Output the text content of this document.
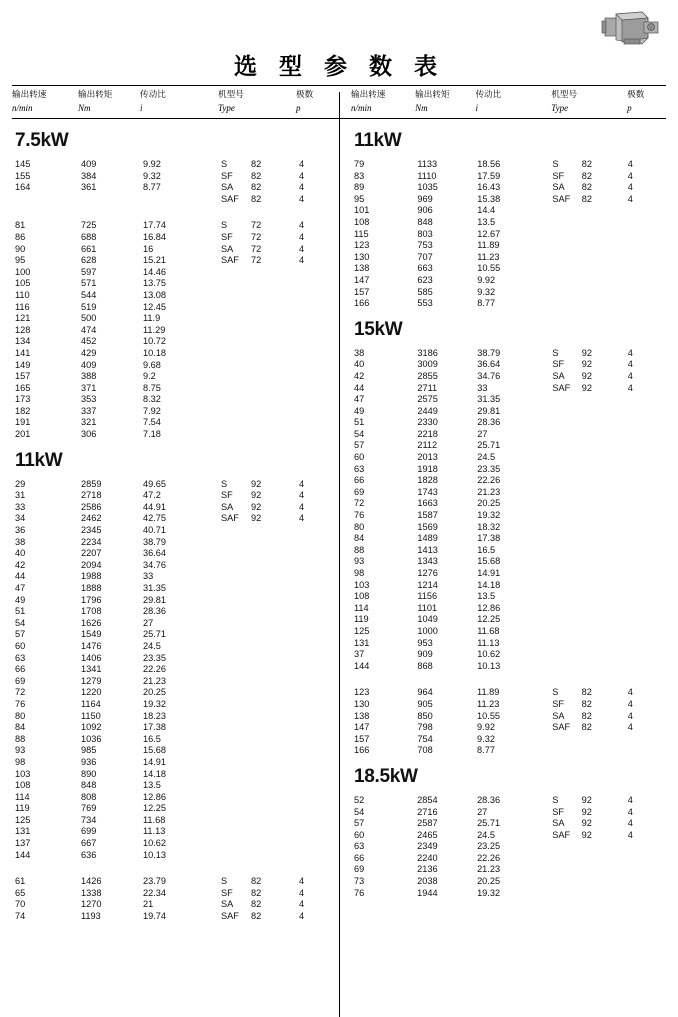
选 型 参 数 表
输出转速	输出转矩	传动比	机型号	极数
n/min	Nm	i	Type	p
输出转速	输出转矩	传动比	机型号	极数
n/min	Nm	i	Type	p
7.5kW
145	409	9.92	S	82	4
155	384	9.32	SF	82	4
164	361	8.77	SA	82	4
			SAF	82	4

81	725	17.74	S	72	4
86	688	16.84	SF	72	4
90	661	16	SA	72	4
95	628	15.21	SAF	72	4
100	597	14.46			
105	571	13.75			
110	544	13.08			
116	519	12.45			
121	500	11.9			
128	474	11.29			
134	452	10.72			
141	429	10.18			
149	409	9.68			
157	388	9.2			
165	371	8.75			
173	353	8.32			
182	337	7.92			
191	321	7.54			
201	306	7.18			
11kW
29	2859	49.65	S	92	4
31	2718	47.2	SF	92	4
33	2586	44.91	SA	92	4
34	2462	42.75	SAF	92	4
36	2345	40.71			
38	2234	38.79			
40	2207	36.64			
42	2094	34.76			
44	1988	33			
47	1888	31.35			
49	1796	29.81			
51	1708	28.36			
54	1626	27			
57	1549	25.71			
60	1476	24.5			
63	1406	23.35			
66	1341	22.26			
69	1279	21.23			
72	1220	20.25			
76	1164	19.32			
80	1150	18.23			
84	1092	17.38			
88	1036	16.5			
93	985	15.68			
98	936	14.91			
103	890	14.18			
108	848	13.5			
114	808	12.86			
119	769	12.25			
125	734	11.68			
131	699	11.13			
137	667	10.62			
144	636	10.13			

61	1426	23.79	S	82	4
65	1338	22.34	SF	82	4
70	1270	21	SA	82	4
74	1193	19.74	SAF	82	4
11kW
79	1133	18.56	S	82	4
83	1110	17.59	SF	82	4
89	1035	16.43	SA	82	4
95	969	15.38	SAF	82	4
101	906	14.4			
108	848	13.5			
115	803	12.67			
123	753	11.89			
130	707	11.23			
138	663	10.55			
147	623	9.92			
157	585	9.32			
166	553	8.77			
15kW
38	3186	38.79	S	92	4
40	3009	36.64	SF	92	4
42	2855	34.76	SA	92	4
44	2711	33	SAF	92	4
47	2575	31.35			
49	2449	29.81			
51	2330	28.36			
54	2218	27			
57	2112	25.71			
60	2013	24.5			
63	1918	23.35			
66	1828	22.26			
69	1743	21.23			
72	1663	20.25			
76	1587	19.32			
80	1569	18.32			
84	1489	17.38			
88	1413	16.5			
93	1343	15.68			
98	1276	14.91			
103	1214	14.18			
108	1156	13.5			
114	1101	12.86			
119	1049	12.25			
125	1000	11.68			
131	953	11.13			
37	909	10.62			
144	868	10.13			

123	964	11.89	S	82	4
130	905	11.23	SF	82	4
138	850	10.55	SA	82	4
147	798	9.92	SAF	82	4
157	754	9.32			
166	708	8.77			
18.5kW
52	2854	28.36	S	92	4
54	2716	27	SF	92	4
57	2587	25.71	SA	92	4
60	2465	24.5	SAF	92	4
63	2349	23.25			
66	2240	22.26			
69	2136	21.23			
73	2038	20.25			
76	1944	19.32			
